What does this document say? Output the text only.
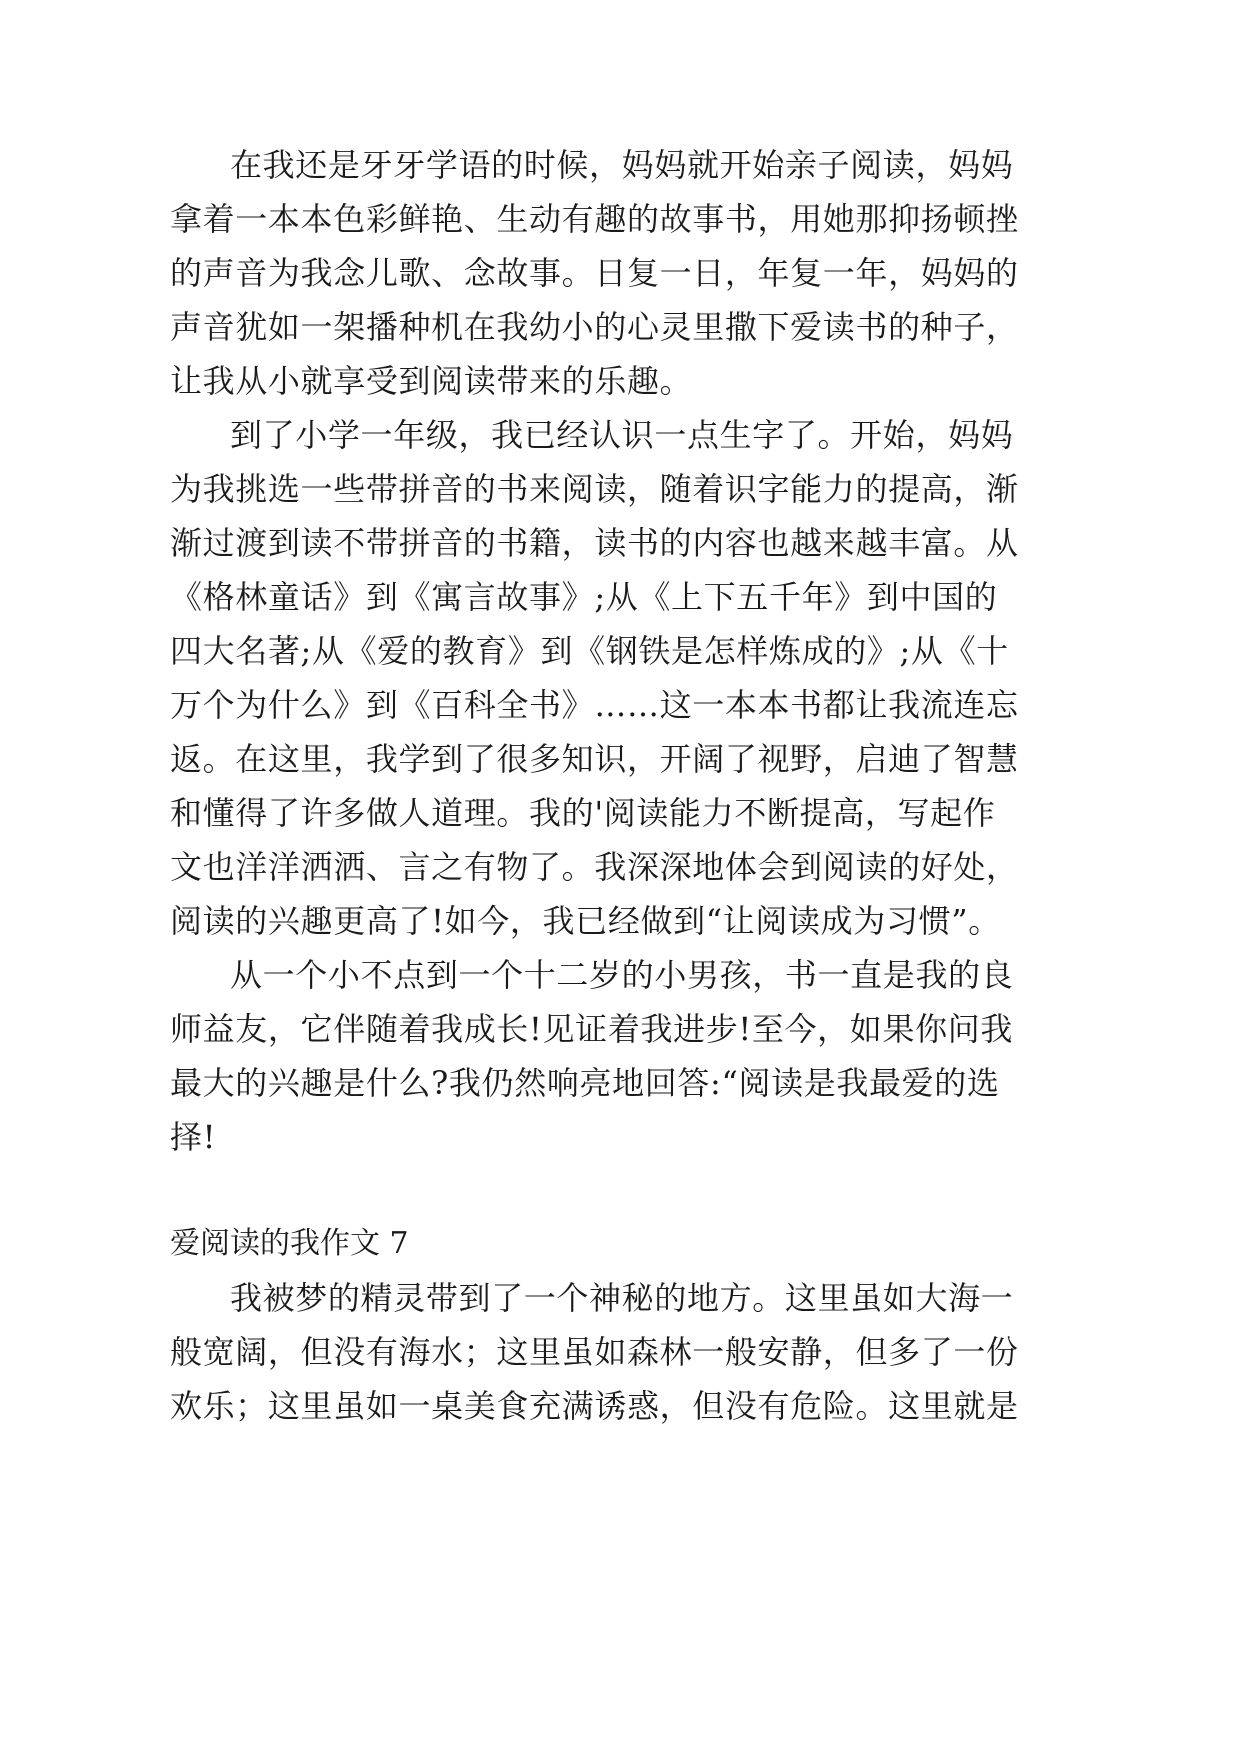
在我还是牙牙学语的时候，妈妈就开始亲子阅读，妈妈
拿着一本本色彩鲜艳、生动有趣的故事书，用她那抑扬顿挫
的声音为我念儿歌、念故事。日复一日，年复一年，妈妈的
声音犹如一架播种机在我幼小的心灵里撒下爱读书的种子，
让我从小就享受到阅读带来的乐趣。
到了小学一年级，我已经认识一点生字了。开始，妈妈
为我挑选一些带拼音的书来阅读，随着识字能力的提高，渐
渐过渡到读不带拼音的书籍，读书的内容也越来越丰富。从
《格林童话》到《寓言故事》;从《上下五千年》到中国的
四大名著;从《爱的教育》到《钢铁是怎样炼成的》;从《十
万个为什么》到《百科全书》……这一本本书都让我流连忘
返。在这里，我学到了很多知识，开阔了视野，启迪了智慧
和懂得了许多做人道理。我的'阅读能力不断提高，写起作
文也洋洋洒洒、言之有物了。我深深地体会到阅读的好处，
阅读的兴趣更高了!如今，我已经做到“让阅读成为习惯”。
从一个小不点到一个十二岁的小男孩，书一直是我的良
师益友，它伴随着我成长!见证着我进步!至今，如果你问我
最大的兴趣是什么?我仍然响亮地回答:“阅读是我最爱的选
择!
爱阅读的我作文 7
我被梦的精灵带到了一个神秘的地方。这里虽如大海一
般宽阔，但没有海水；这里虽如森林一般安静，但多了一份
欢乐；这里虽如一桌美食充满诱惑，但没有危险。这里就是
